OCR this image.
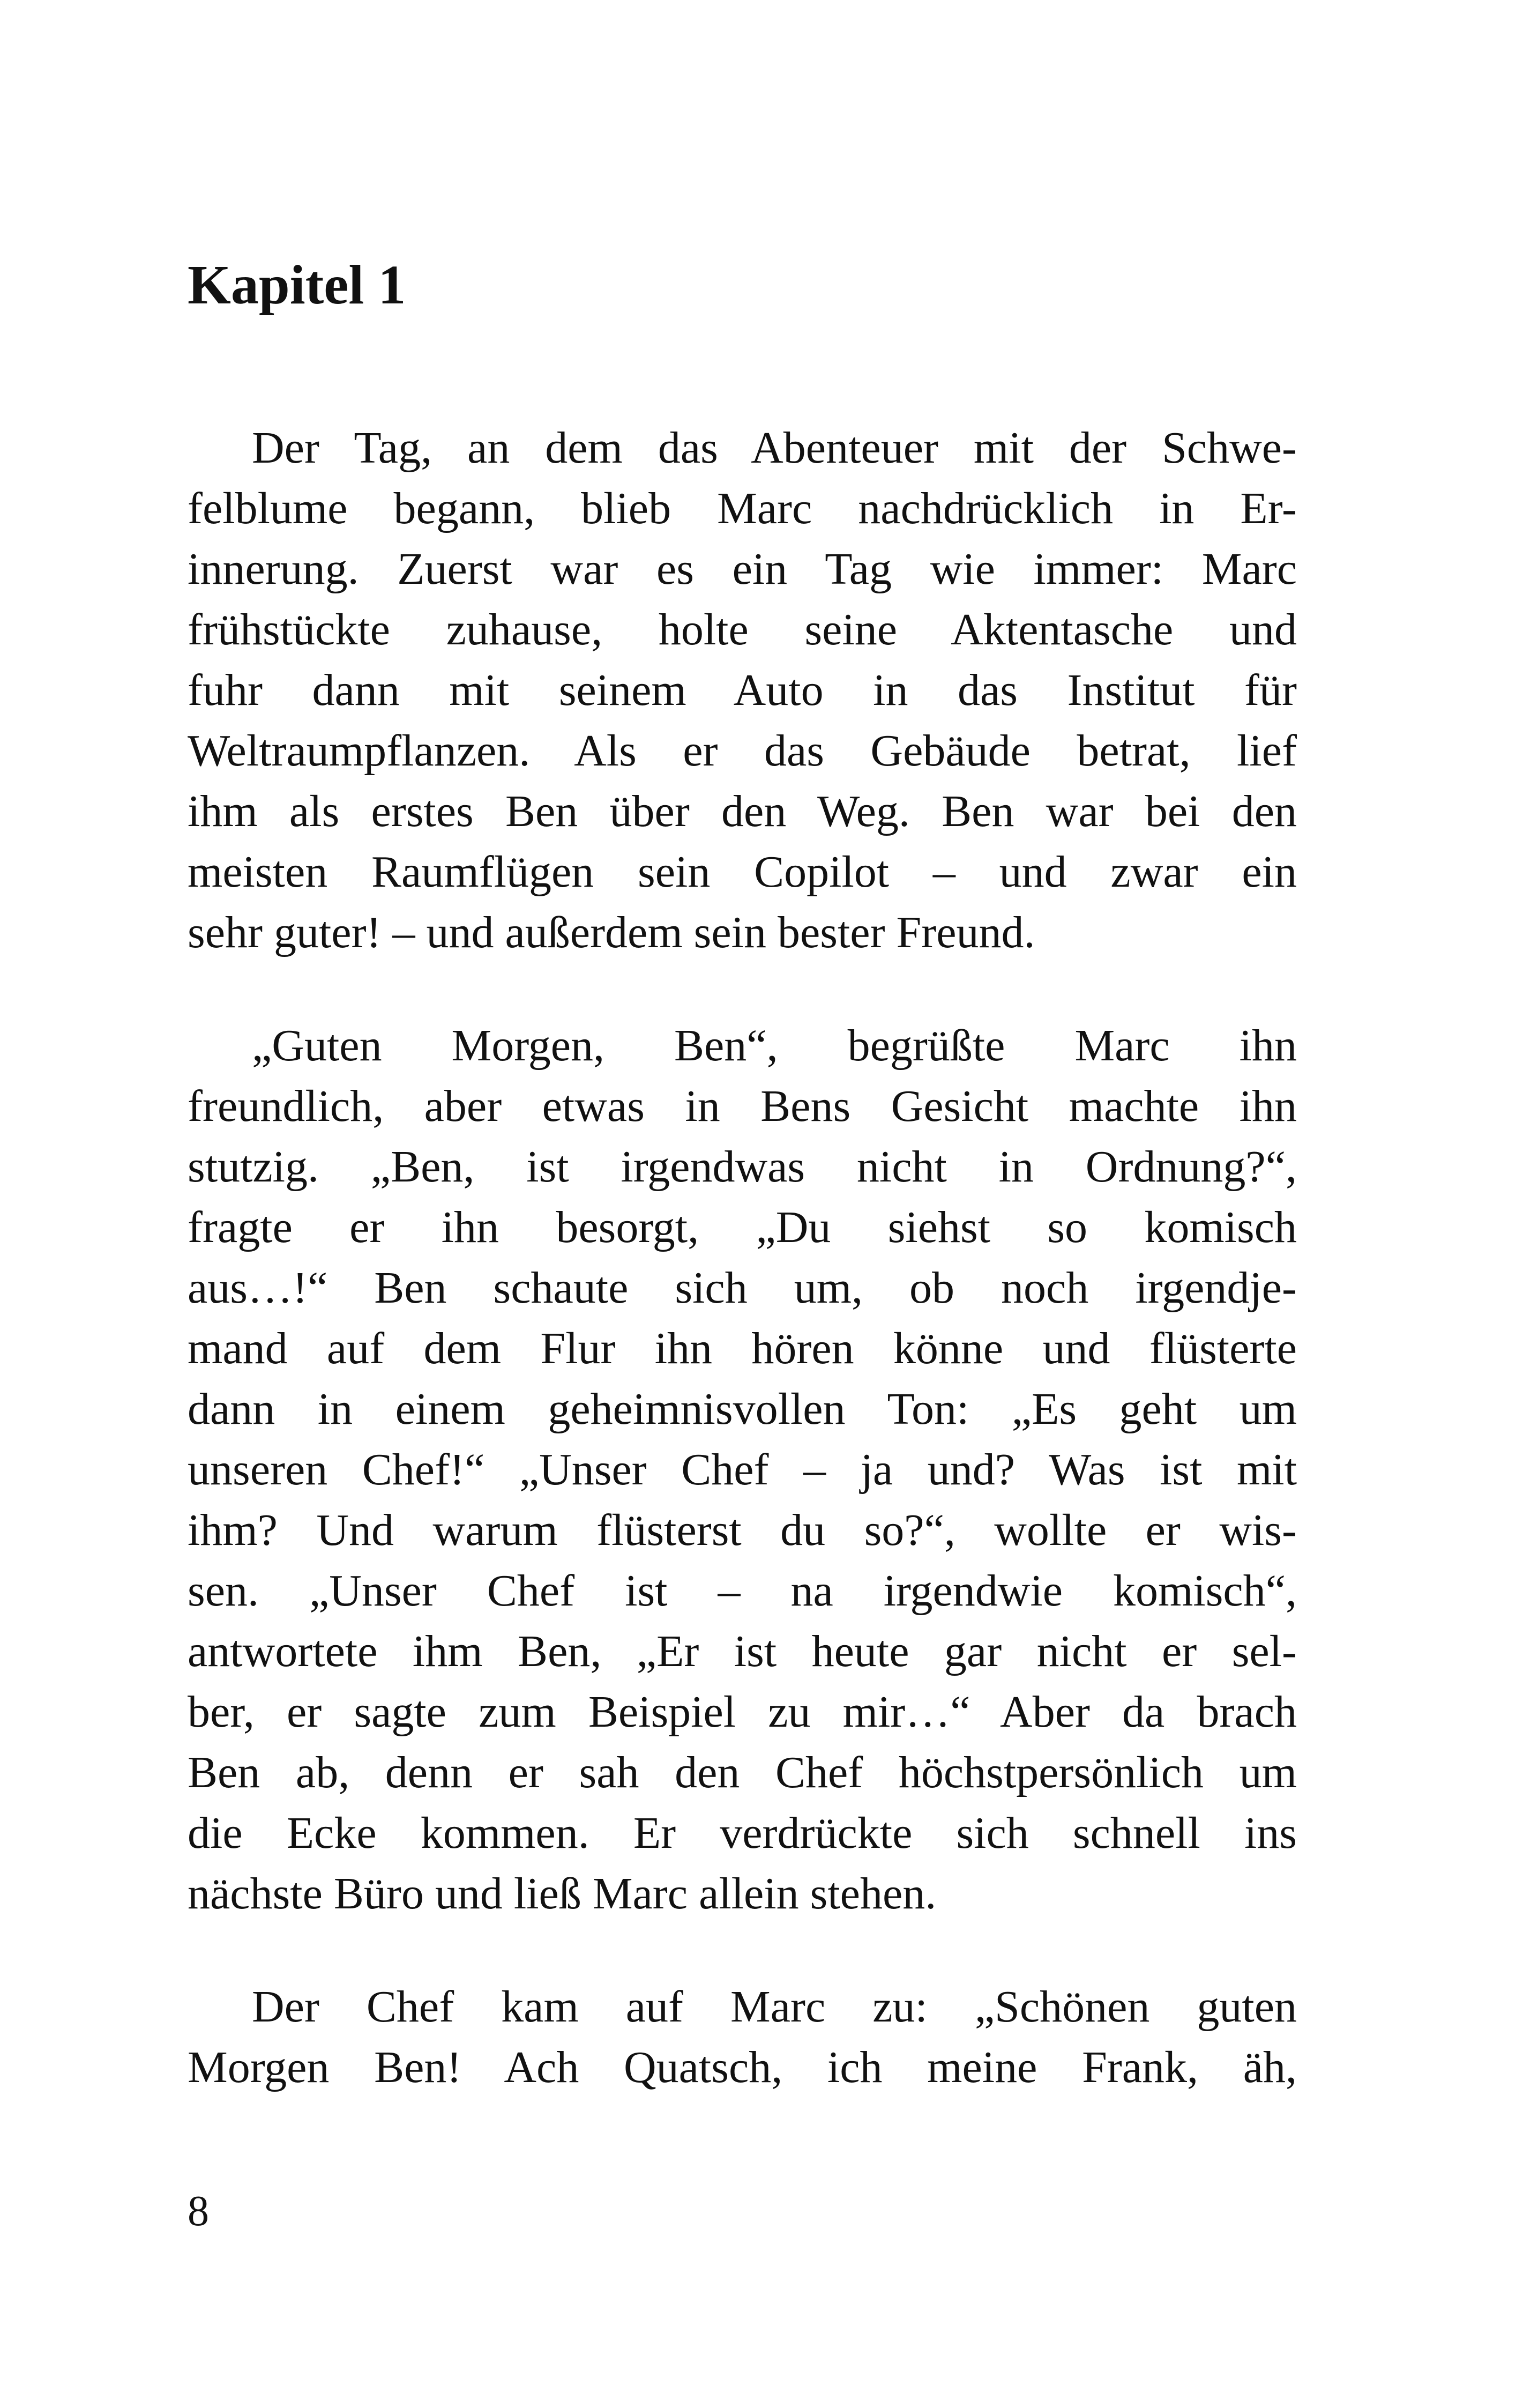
Kapitel 1
Der Tag, an dem das Abenteuer mit der Schwe-
felblume begann, blieb Marc nachdrücklich in Er-
innerung. Zuerst war es ein Tag wie immer: Marc
frühstückte zuhause, holte seine Aktentasche und
fuhr dann mit seinem Auto in das Institut für
Weltraumpflanzen. Als er das Gebäude betrat, lief
ihm als erstes Ben über den Weg. Ben war bei den
meisten Raumflügen sein Copilot – und zwar ein
sehr guter! – und außerdem sein bester Freund.
„Guten Morgen, Ben“, begrüßte Marc ihn
freundlich, aber etwas in Bens Gesicht machte ihn
stutzig. „Ben, ist irgendwas nicht in Ordnung?“,
fragte er ihn besorgt, „Du siehst so komisch
aus…!“ Ben schaute sich um, ob noch irgendje-
mand auf dem Flur ihn hören könne und flüsterte
dann in einem geheimnisvollen Ton: „Es geht um
unseren Chef!“ „Unser Chef – ja und? Was ist mit
ihm? Und warum flüsterst du so?“, wollte er wis-
sen. „Unser Chef ist – na irgendwie komisch“,
antwortete ihm Ben, „Er ist heute gar nicht er sel-
ber, er sagte zum Beispiel zu mir…“ Aber da brach
Ben ab, denn er sah den Chef höchstpersönlich um
die Ecke kommen. Er verdrückte sich schnell ins
nächste Büro und ließ Marc allein stehen.
Der Chef kam auf Marc zu: „Schönen guten
Morgen Ben! Ach Quatsch, ich meine Frank, äh,
8
